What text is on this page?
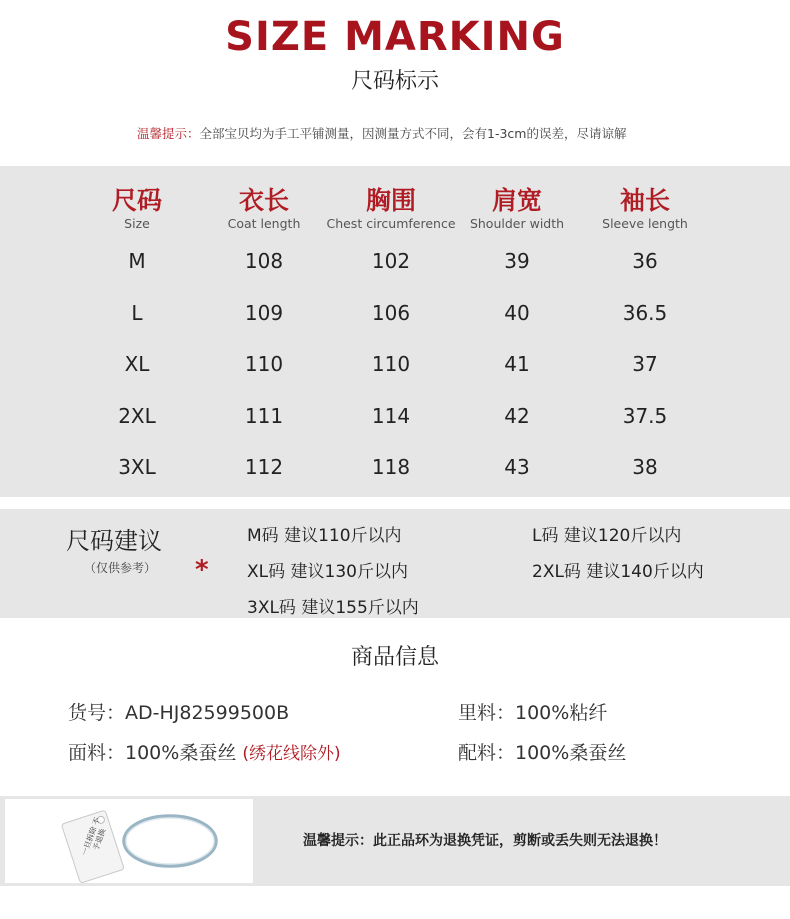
SIZE MARKING
尺码标示
温馨提示：全部宝贝均为手工平铺测量，因测量方式不同，会有1-3cm的误差，尽请谅解
尺码	衣长	胸围	肩宽	袖长
Size	Coat length	Chest circumference	Shoulder width	Sleeve length
M	108	102	39	36
L	109	106	40	36.5
XL	110	110	41	37
2XL	111	114	42	37.5
3XL	112	118	43	38
尺码建议
（仅供参考） *
M码 建议110斤以内	L码 建议120斤以内
XL码 建议130斤以内	2XL码 建议140斤以内
3XL码 建议155斤以内
商品信息
货号：AD-HJ82599500B	里料：100%粘纤
面料：100%桑蚕丝 (绣花线除外)	配料：100%桑蚕丝
一旦拆除 不予退换	温馨提示：此正品环为退换凭证，剪断或丢失则无法退换！
